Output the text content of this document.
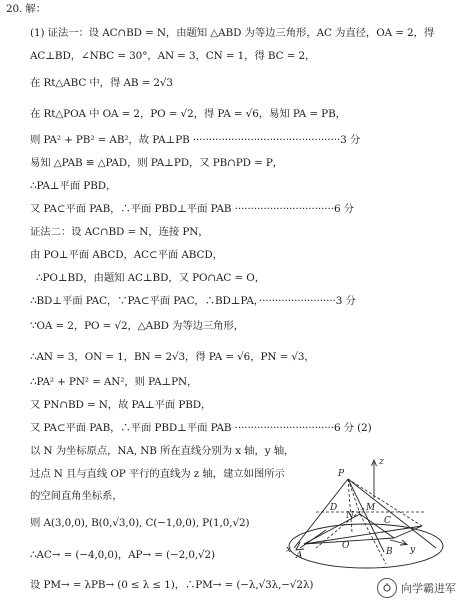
20. 解：
(1) 证法一：设 AC∩BD = N，由题知 △ABD 为等边三角形，AC 为直径，OA = 2，得
AC⊥BD，∠NBC = 30°，AN = 3，CN = 1，得 BC = 2，
在 Rt△ABC 中，得 AB = 2√3
在 Rt△POA 中 OA = 2，PO = √2，得 PA = √6，易知 PA = PB，
则 PA² + PB² = AB²，故 PA⊥PB ··············································3 分
易知 △PAB ≌ △PAD，则 PA⊥PD，又 PB∩PD = P，
∴PA⊥平面 PBD，
又 PA⊂平面 PAB，∴平面 PBD⊥平面 PAB ·······························6 分
证法二：设 AC∩BD = N，连接 PN，
由 PO⊥平面 ABCD，AC⊂平面 ABCD，
∴PO⊥BD，由题知 AC⊥BD，又 PO∩AC = O，
∴BD⊥平面 PAC，∵PA⊂平面 PAC，∴BD⊥PA，························3 分
∵OA = 2，PO = √2，△ABD 为等边三角形，
∴AN = 3，ON = 1，BN = 2√3，得 PA = √6，PN = √3，
∴PA² + PN² = AN²，则 PA⊥PN，
又 PN∩BD = N，故 PA⊥平面 PBD，
又 PA⊂平面 PAB，∴平面 PBD⊥平面 PAB ·······························6 分 (2)
以 N 为坐标原点，NA, NB 所在直线分别为 x 轴，y 轴，
过点 N 且与直线 OP 平行的直线为 z 轴，建立如图所示
的空间直角坐标系，
则 A(3,0,0), B(0,√3,0), C(−1,0,0), P(1,0,√2)
∴AC→ = (−4,0,0)，AP→ = (−2,0,√2)
设 PM→ = λPB→ (0 ≤ λ ≤ 1)，∴PM→ = (−λ,√3λ,−√2λ)
P
z
D	M
N	C
O
A
x	B y
向学霸进军
